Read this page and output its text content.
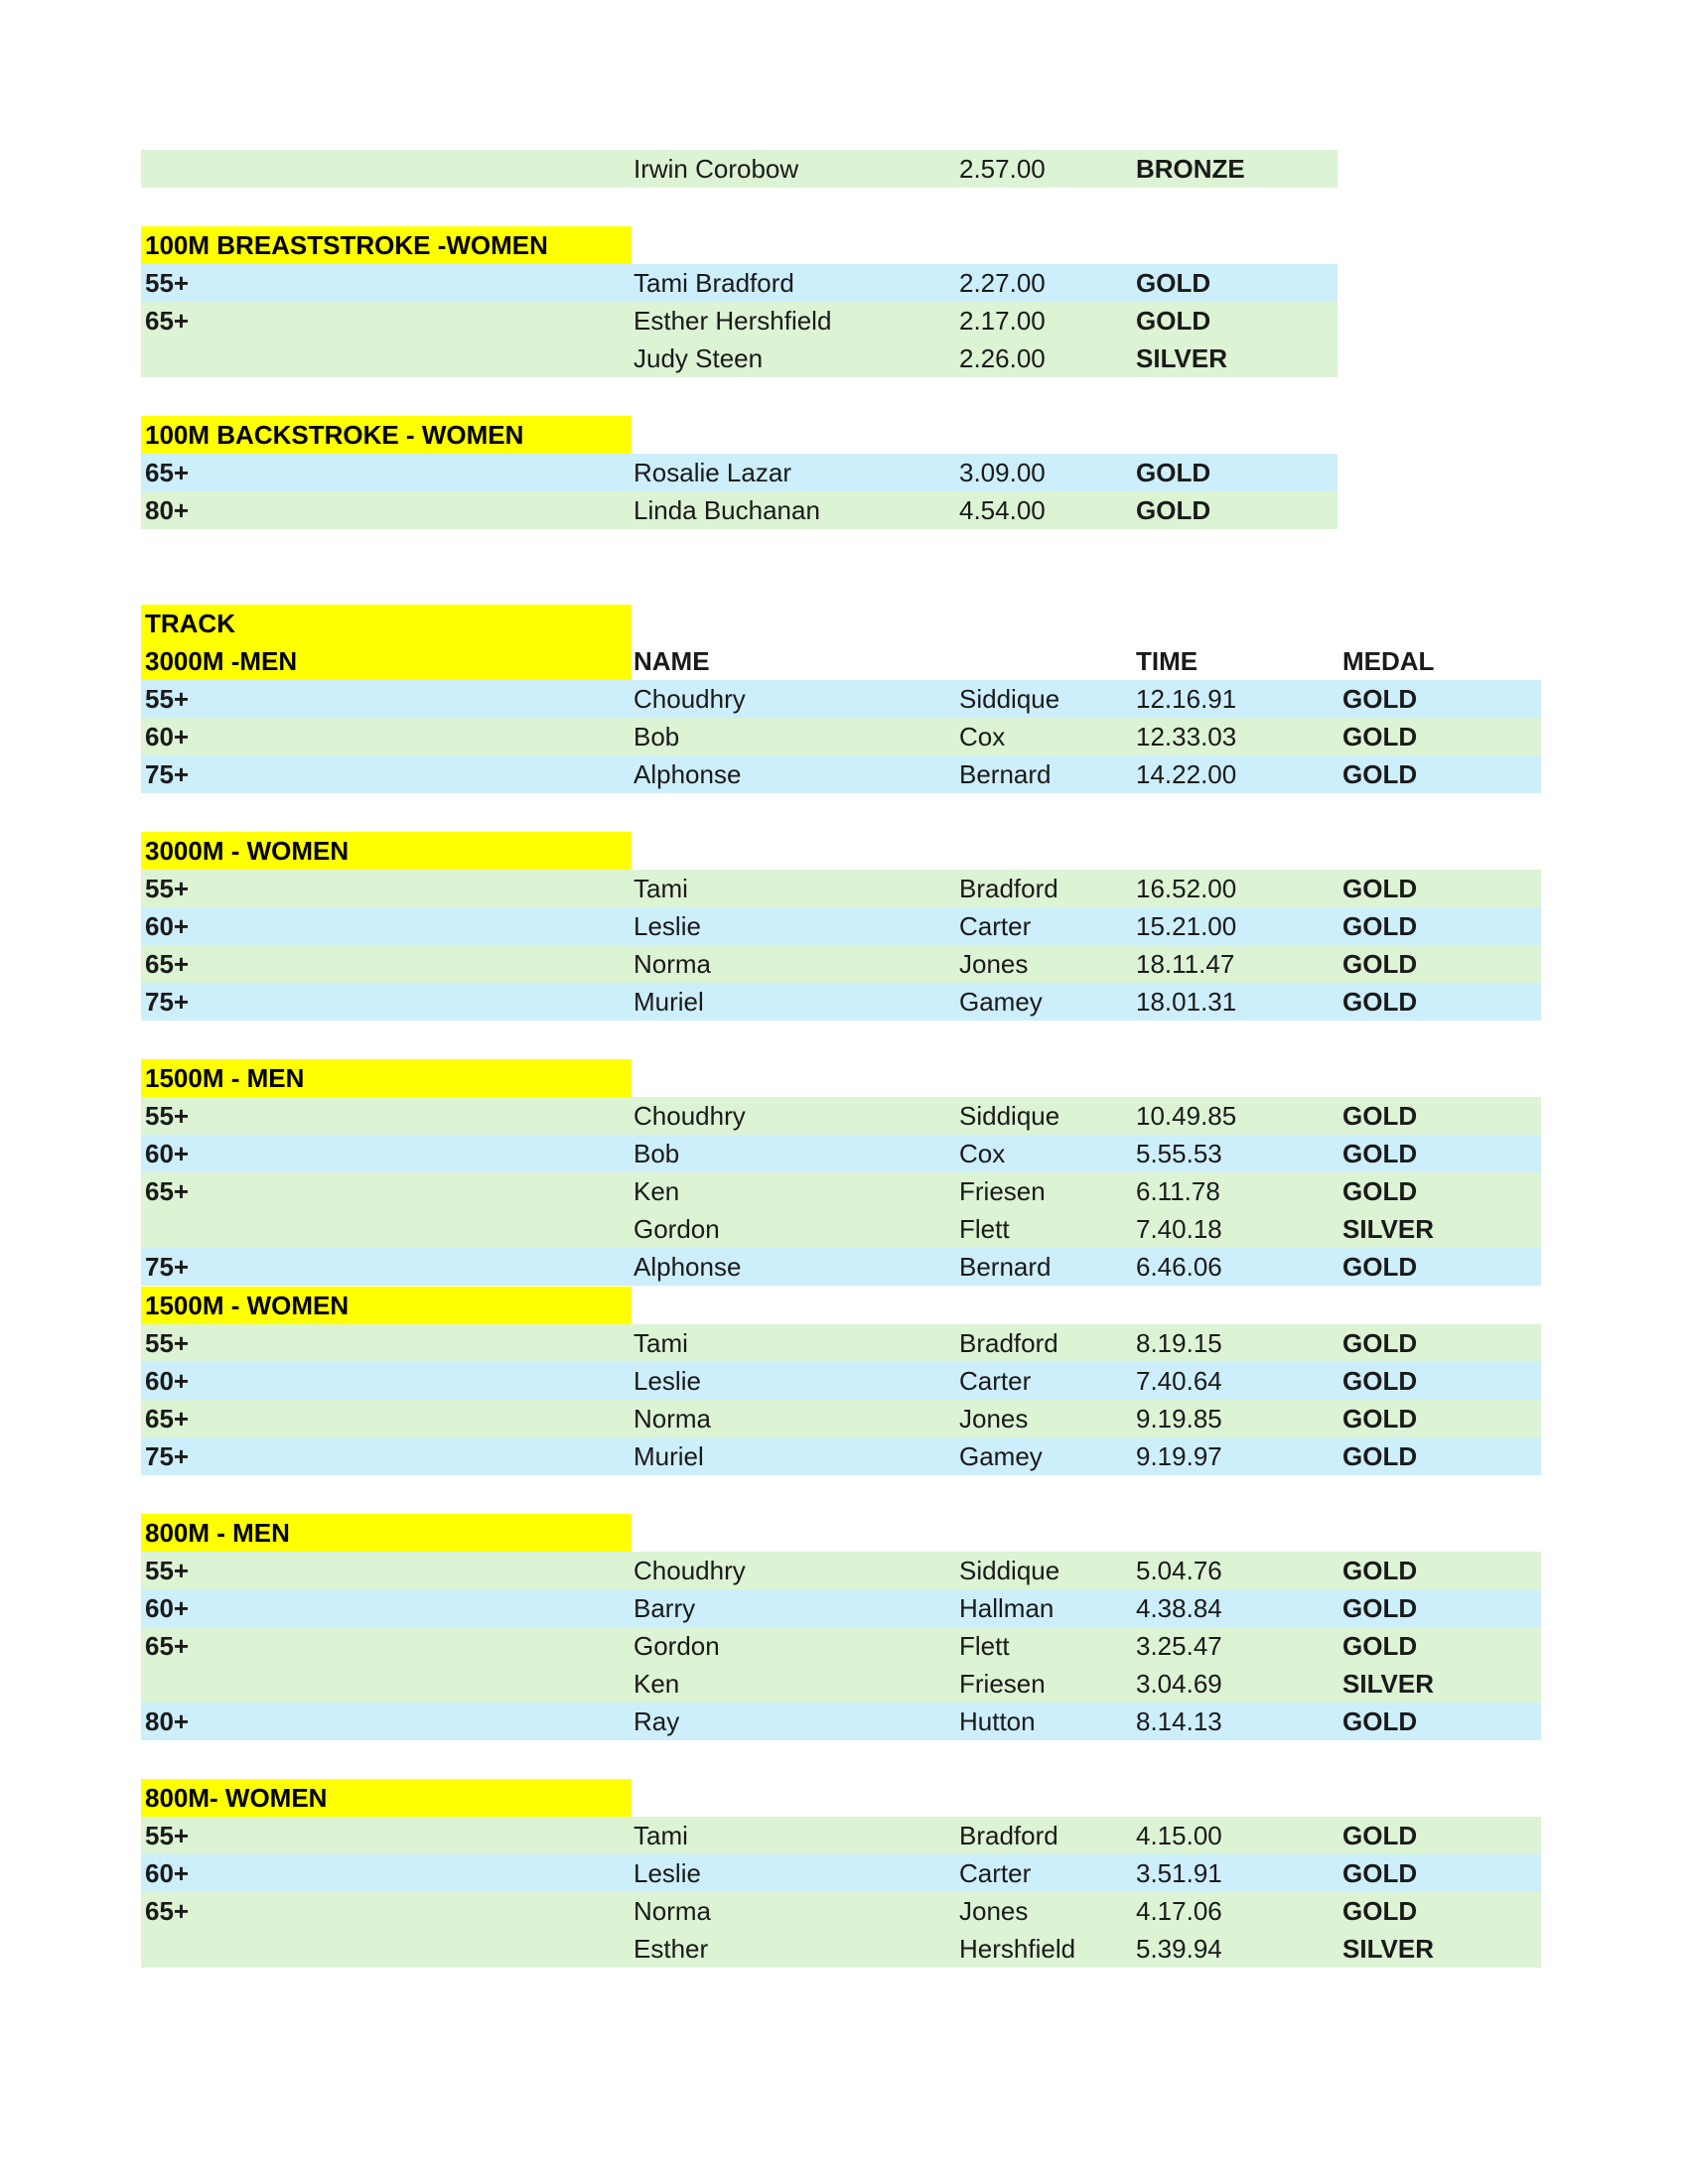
Irwin Corobow	2.57.00	BRONZE
100M BREASTSTROKE -WOMEN
55+	Tami Bradford	2.27.00	GOLD
65+	Esther Hershfield	2.17.00	GOLD
Judy Steen	2.26.00	SILVER
100M BACKSTROKE - WOMEN
65+	Rosalie Lazar	3.09.00	GOLD
80+	Linda Buchanan	4.54.00	GOLD
TRACK
3000M -MEN	NAME	TIME	MEDAL
55+	Choudhry	Siddique	12.16.91	GOLD
60+	Bob	Cox	12.33.03	GOLD
75+	Alphonse	Bernard	14.22.00	GOLD
3000M - WOMEN
55+	Tami	Bradford	16.52.00	GOLD
60+	Leslie	Carter	15.21.00	GOLD
65+	Norma	Jones	18.11.47	GOLD
75+	Muriel	Gamey	18.01.31	GOLD
1500M - MEN
55+	Choudhry	Siddique	10.49.85	GOLD
60+	Bob	Cox	5.55.53	GOLD
65+	Ken	Friesen	6.11.78	GOLD
Gordon	Flett	7.40.18	SILVER
75+	Alphonse	Bernard	6.46.06	GOLD
1500M - WOMEN
55+	Tami	Bradford	8.19.15	GOLD
60+	Leslie	Carter	7.40.64	GOLD
65+	Norma	Jones	9.19.85	GOLD
75+	Muriel	Gamey	9.19.97	GOLD
800M - MEN
55+	Choudhry	Siddique	5.04.76	GOLD
60+	Barry	Hallman	4.38.84	GOLD
65+	Gordon	Flett	3.25.47	GOLD
Ken	Friesen	3.04.69	SILVER
80+	Ray	Hutton	8.14.13	GOLD
800M- WOMEN
55+	Tami	Bradford	4.15.00	GOLD
60+	Leslie	Carter	3.51.91	GOLD
65+	Norma	Jones	4.17.06	GOLD
Esther	Hershfield 5.39.94	SILVER
